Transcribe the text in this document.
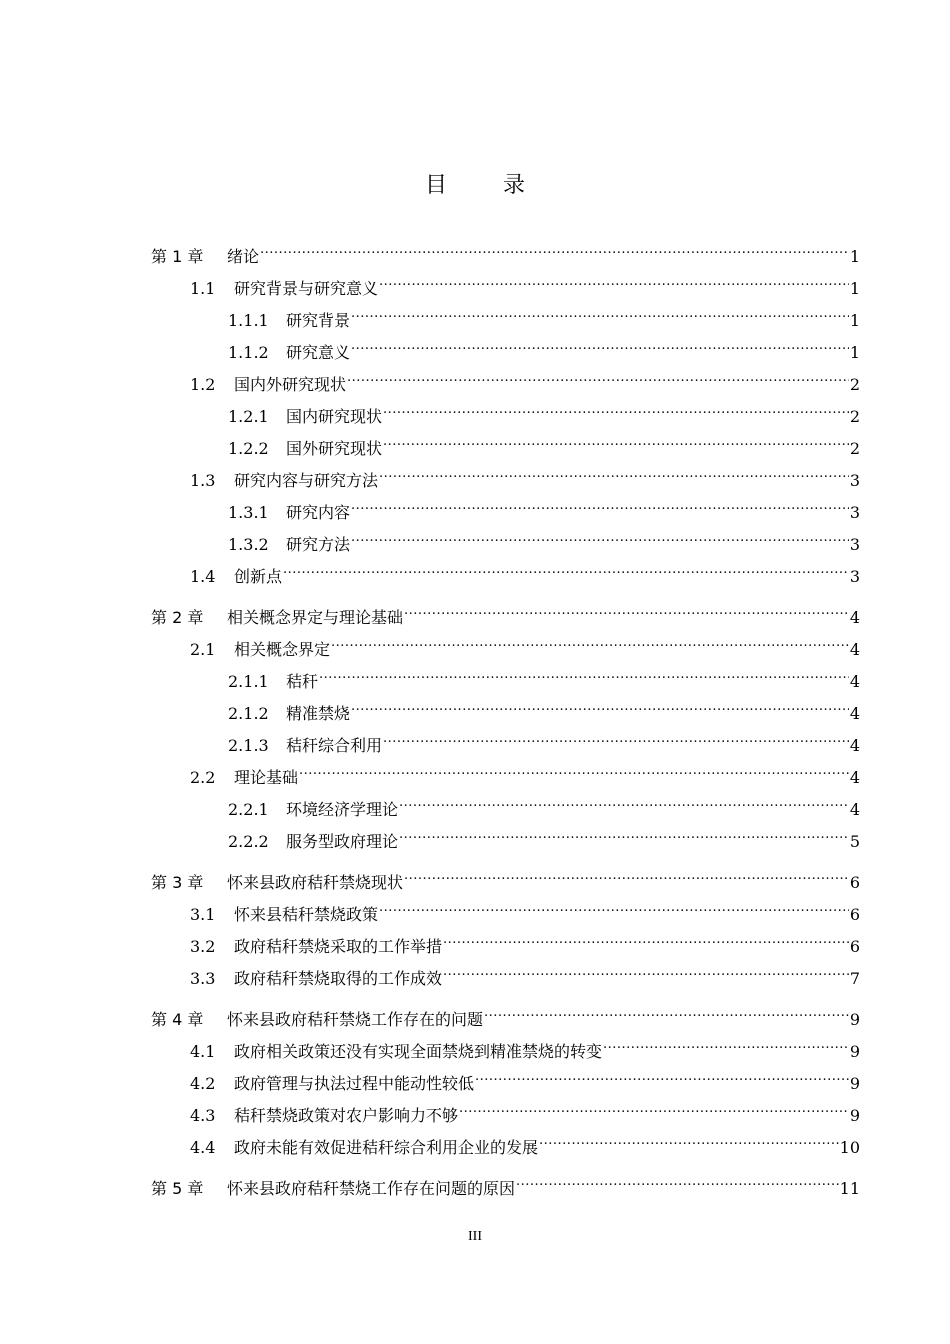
目	录
第 1 章	绪论 .....	1
1.1	研究背景与研究意义 .....	1
1.1.1	研究背景 .....	1
1.1.2	研究意义 .....	1
1.2	国内外研究现状 .....	2
1.2.1	国内研究现状 .....	2
1.2.2	国外研究现状 .....	2
1.3	研究内容与研究方法 .....	3
1.3.1	研究内容 .....	3
1.3.2	研究方法 .....	3
1.4	创新点 .....	3
第 2 章	相关概念界定与理论基础 .....	4
2.1	相关概念界定 .....	4
2.1.1	秸秆 .....	4
2.1.2	精准禁烧 .....	4
2.1.3	秸秆综合利用 .....	4
2.2	理论基础 .....	4
2.2.1	环境经济学理论 .....	4
2.2.2	服务型政府理论 .....	5
第 3 章	怀来县政府秸秆禁烧现状 .....	6
3.1	怀来县秸秆禁烧政策 .....	6
3.2	政府秸秆禁烧采取的工作举措 .....	6
3.3	政府秸秆禁烧取得的工作成效 .....	7
第 4 章	怀来县政府秸秆禁烧工作存在的问题 .....	9
4.1	政府相关政策还没有实现全面禁烧到精准禁烧的转变 .....	9
4.2	政府管理与执法过程中能动性较低 .....	9
4.3	秸秆禁烧政策对农户影响力不够 .....	9
4.4	政府未能有效促进秸秆综合利用企业的发展 .....	10
第 5 章	怀来县政府秸秆禁烧工作存在问题的原因 .....	11
III
